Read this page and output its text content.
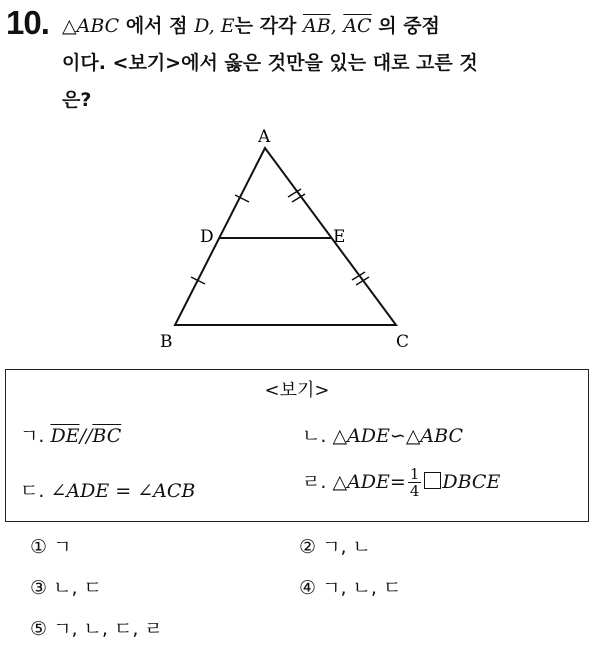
10. △ABC 에서 점 D, E는 각각 $\overline{AB}$, $\overline{AC}$ 의 중점
이다. <보기>에서 옳은 것만을 있는 대로 고른 것
은?
A
D	E
B	C
<보기>
ㄱ. $\overline{DE}//\overline{BC}$	ㄴ. △ADE∽△ABC
ㄷ. ∠ADE = ∠ACB	ㄹ. △ADE= $\frac{1}{4}$ DBCE
① ㄱ	② ㄱ, ㄴ
③ ㄴ, ㄷ	④ ㄱ, ㄴ, ㄷ
⑤ ㄱ, ㄴ, ㄷ, ㄹ
